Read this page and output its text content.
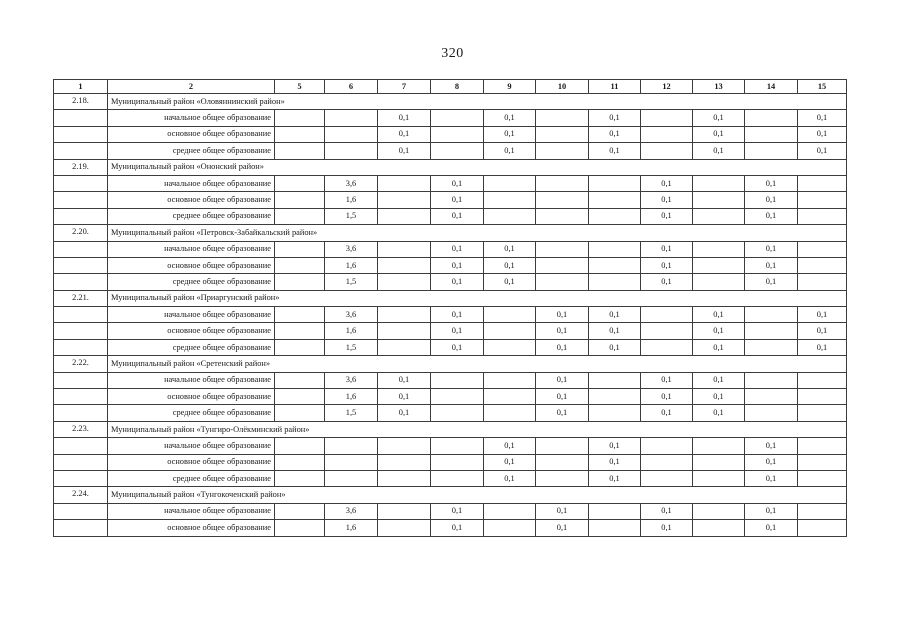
320
1	2	5	6	7	8	9	10	11	12	13	14	15
2.18.	Муниципальный район «Оловяннинский район»											
	начальное общее образование			0,1		0,1		0,1		0,1		0,1
	основное общее образование			0,1		0,1		0,1		0,1		0,1
	среднее общее образование			0,1		0,1		0,1		0,1		0,1
2.19.	Муниципальный район «Ононский район»											
	начальное общее образование		3,6		0,1				0,1		0,1	
	основное общее образование		1,6		0,1				0,1		0,1	
	среднее общее образование		1,5		0,1				0,1		0,1	
2.20.	Муниципальный район «Петровск-Забайкальский район»											
	начальное общее образование		3,6		0,1	0,1			0,1		0,1	
	основное общее образование		1,6		0,1	0,1			0,1		0,1	
	среднее общее образование		1,5		0,1	0,1			0,1		0,1	
2.21.	Муниципальный район «Приаргунский район»											
	начальное общее образование		3,6		0,1		0,1	0,1		0,1		0,1
	основное общее образование		1,6		0,1		0,1	0,1		0,1		0,1
	среднее общее образование		1,5		0,1		0,1	0,1		0,1		0,1
2.22.	Муниципальный район «Сретенский район»											
	начальное общее образование		3,6	0,1			0,1		0,1	0,1		
	основное общее образование		1,6	0,1			0,1		0,1	0,1		
	среднее общее образование		1,5	0,1			0,1		0,1	0,1		
2.23.	Муниципальный район «Тунгиро-Олёкминский район»											
	начальное общее образование					0,1		0,1			0,1	
	основное общее образование					0,1		0,1			0,1	
	среднее общее образование					0,1		0,1			0,1	
2.24.	Муниципальный район «Тунгокоченский район»											
	начальное общее образование		3,6		0,1		0,1		0,1		0,1	
	основное общее образование		1,6		0,1		0,1		0,1		0,1	
